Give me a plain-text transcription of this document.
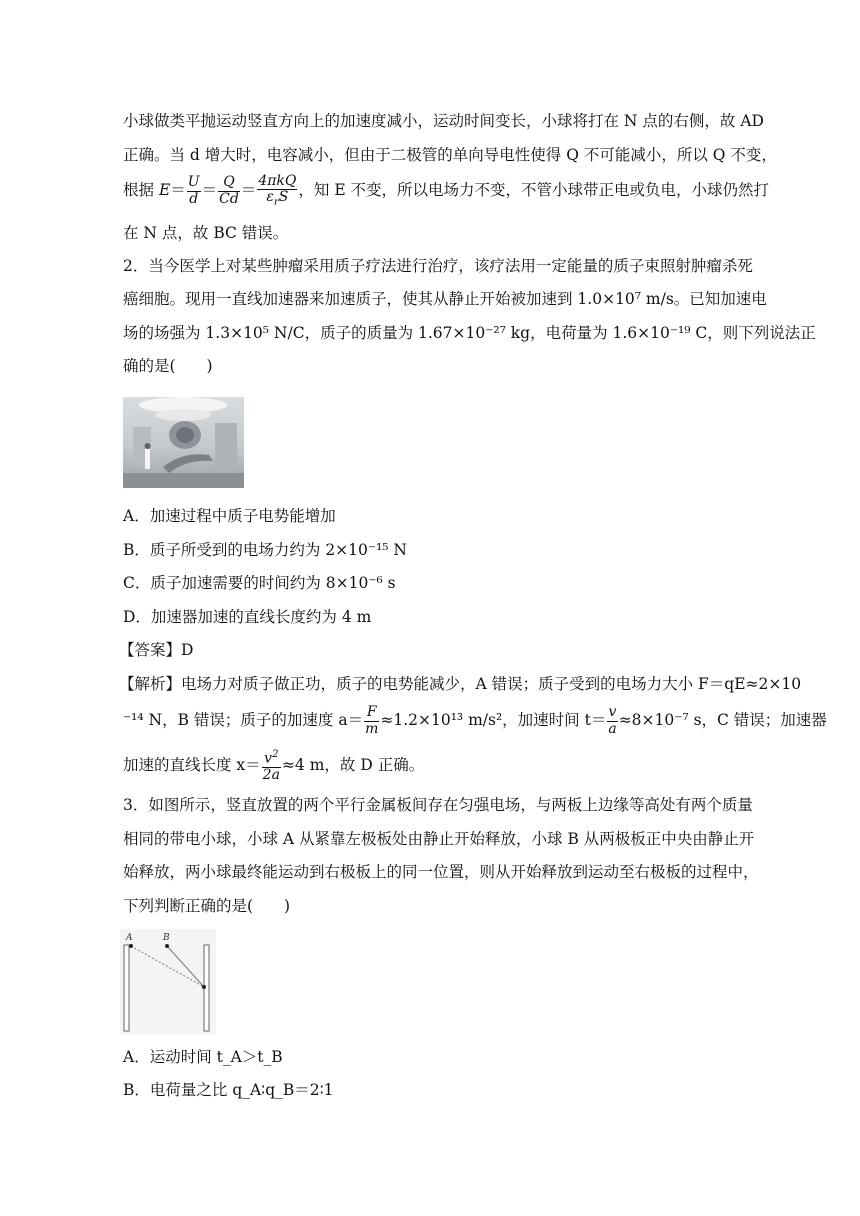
小球做类平抛运动竖直方向上的加速度减小，运动时间变长，小球将打在 N 点的右侧，故 AD
正确。当 d 增大时，电容减小，但由于二极管的单向导电性使得 Q 不可能减小，所以 Q 不变，
根据 $E= \frac{U}{d} = \frac{Q}{Cd} = \frac{\text{4πkQ}}{\varepsilon_rS}$ ，知 E 不变，所以电场力不变，不管小球带正电或负电，小球仍然打
在 N 点，故 BC 错误。
2．当今医学上对某些肿瘤采用质子疗法进行治疗，该疗法用一定能量的质子束照射肿瘤杀死
癌细胞。现用一直线加速器来加速质子，使其从静止开始被加速到 1.0×10⁷ m/s。已知加速电
场的场强为 1.3×10⁵ N/C，质子的质量为 1.67×10⁻²⁷ kg，电荷量为 1.6×10⁻¹⁹ C，则下列说法正
确的是(　　)
A．加速过程中质子电势能增加
B．质子所受到的电场力约为 2×10⁻¹⁵ N
C．质子加速需要的时间约为 8×10⁻⁶ s
D．加速器加速的直线长度约为 4 m
【答案】D
【解析】电场力对质子做正功，质子的电势能减少，A 错误；质子受到的电场力大小 F＝qE≈2×10
⁻¹⁴ N，B 错误；质子的加速度 $a= \frac{F}{m} \approx 1.2\times 10^{13}$ m/s²，加速时间 $t= \frac{v}{a} \approx 8\times 10^{-7}$ s，C 错误；加速器
加速的直线长度 $x= \frac{v^2}{2a} \approx 4$ m，故 D 正确。
3．如图所示，竖直放置的两个平行金属板间存在匀强电场，与两板上边缘等高处有两个质量
相同的带电小球，小球 A 从紧靠左极板处由静止开始释放，小球 B 从两极板正中央由静止开
始释放，两小球最终能运动到右极板上的同一位置，则从开始释放到运动至右极板的过程中，
下列判断正确的是(　　)
A	B
A．运动时间 t_A＞t_B
B．电荷量之比 q_A∶q_B＝2∶1
